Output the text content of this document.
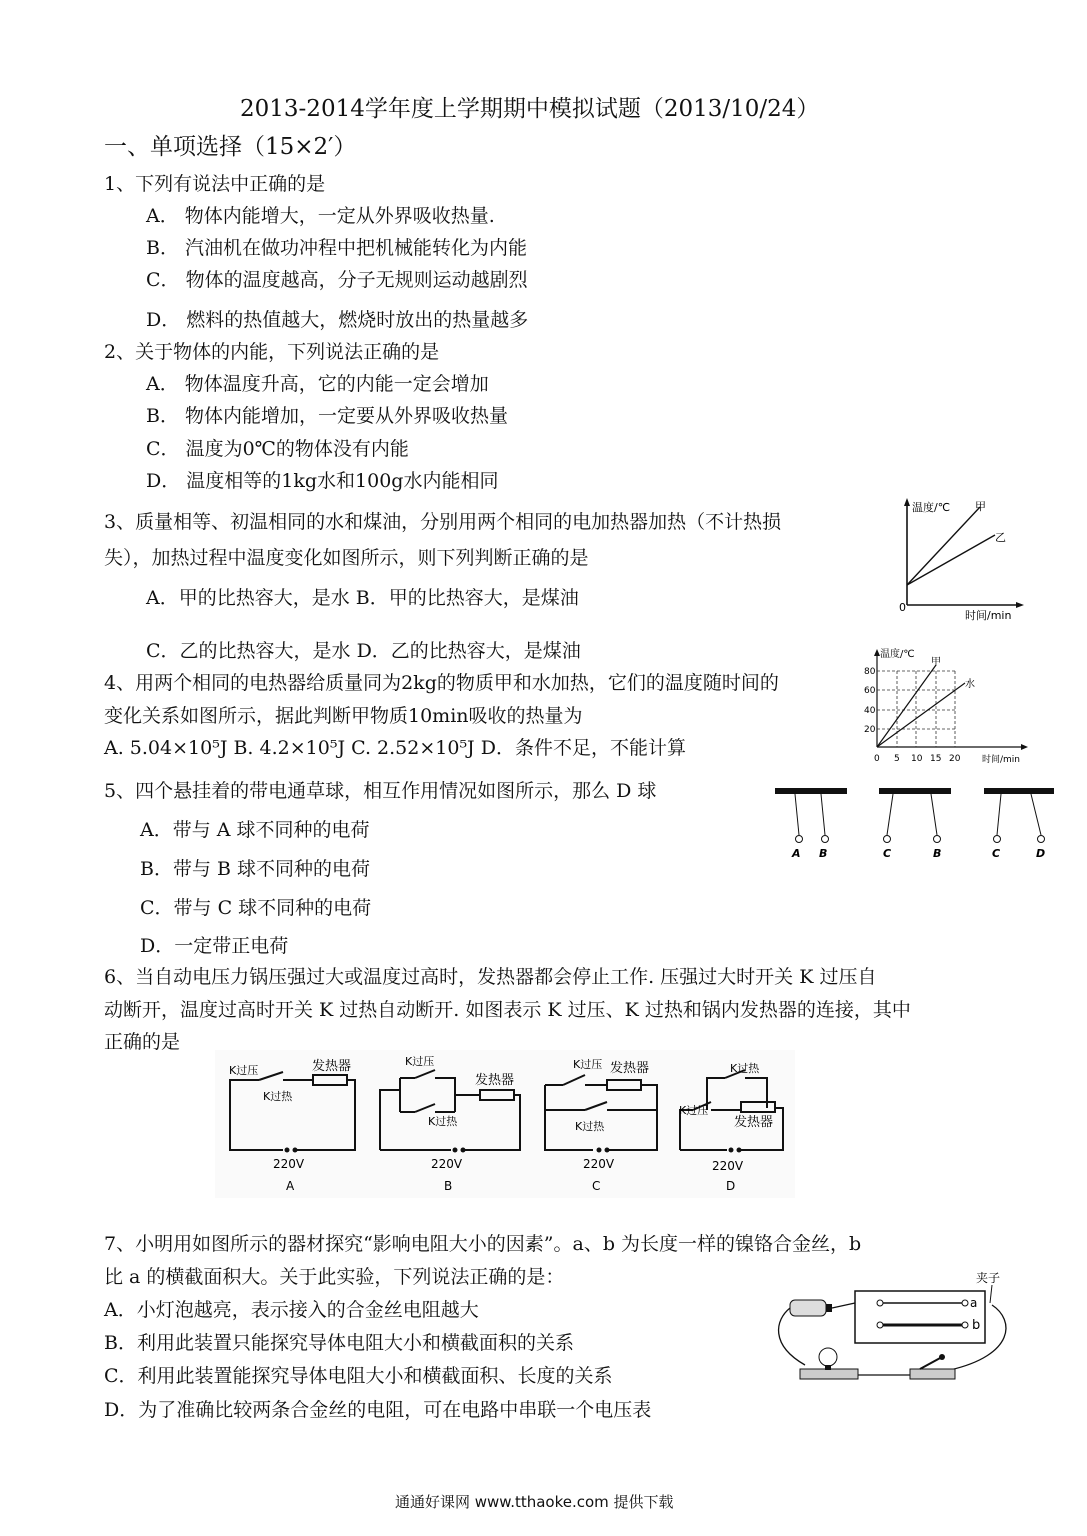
2013-2014学年度上学期期中模拟试题（2013/10/24）
一、单项选择（15×2′）
1、下列有说法中正确的是
A． 物体内能增大，一定从外界吸收热量.
B． 汽油机在做功冲程中把机械能转化为内能
C． 物体的温度越高，分子无规则运动越剧烈
D． 燃料的热值越大，燃烧时放出的热量越多
2、关于物体的内能，下列说法正确的是
A． 物体温度升高，它的内能一定会增加
B． 物体内能增加，一定要从外界吸收热量
C． 温度为0℃的物体没有内能
D． 温度相等的1kg水和100g水内能相同
3、质量相等、初温相同的水和煤油，分别用两个相同的电加热器加热（不计热损
失），加热过程中温度变化如图所示，则下列判断正确的是
A．甲的比热容大，是水 B．甲的比热容大，是煤油
C．乙的比热容大，是水 D．乙的比热容大，是煤油
温度/℃ 甲
乙
0
时间/min
4、用两个相同的电热器给质量同为2kg的物质甲和水加热，它们的温度随时间的
变化关系如图所示，据此判断甲物质10min吸收的热量为
A. 5.04×10⁵J B. 4.2×10⁵J C. 2.52×10⁵J D．条件不足，不能计算
温度/℃
甲
水
20
40
60
80
0 5 10 15 20 时间/min
5、四个悬挂着的带电通草球，相互作用情况如图所示，那么 D 球
A．带与 A 球不同种的电荷
B．带与 B 球不同种的电荷
C．带与 C 球不同种的电荷
D．一定带正电荷
A B	C	B	C	D
6、当自动电压力锅压强过大或温度过高时，发热器都会停止工作. 压强过大时开关 K 过压自
动断开，温度过高时开关 K 过热自动断开. 如图表示 K 过压、K 过热和锅内发热器的连接，其中
正确的是
K过压
K过热
发热器
220V
A
K过压
K过热
发热器
220V
B
K过压
K过热
发热器
220V
C
K过热
K过压
发热器
220V
D
7、小明用如图所示的器材探究“影响电阻大小的因素”。a、b 为长度一样的镍铬合金丝，b
比 a 的横截面积大。关于此实验，下列说法正确的是：
A．小灯泡越亮，表示接入的合金丝电阻越大
B．利用此装置只能探究导体电阻大小和横截面积的关系
C．利用此装置能探究导体电阻大小和横截面积、长度的关系
D．为了准确比较两条合金丝的电阻，可在电路中串联一个电压表
夹子
a
b
通通好课网 www.tthaoke.com 提供下载
